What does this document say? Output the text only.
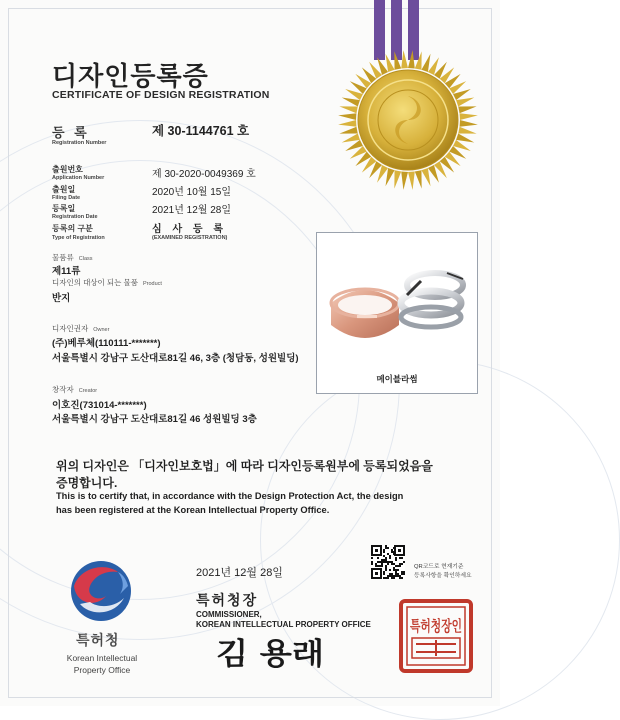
디자인등록증
CERTIFICATE OF DESIGN REGISTRATION
등 록
Registration Number
제 30-1144761 호
출원번호
Application Number	제 30-2020-0049369 호
출원일
Filing Date	2020년 10월 15일
등록일
Registration Date
2021년 12월 28일
등록의 구분
Type of Registration
심 사 등 록
(EXAMINED REGISTRATION)
물품류 Class
제11류
디자인의 대상이 되는 물품 Product
반지
디자인권자 Owner
(주)베루체(110111-*******)
서울특별시 강남구 도산대로81길 46, 3층 (청담동, 성원빌딩)
창작자 Creator
이호진(731014-*******)
서울특별시 강남구 도산대로81길 46 성원빌딩 3층
메이블라썸
위의 디자인은 「디자인보호법」에 따라 디자인등록원부에 등록되었음을
증명합니다.
This is to certify that, in accordance with the Design Protection Act, the design
has been registered at the Korean Intellectual Property Office.
특허청
Korean Intellectual
Property Office
2021년 12월 28일
특허청장
COMMISSIONER,
KOREAN INTELLECTUAL PROPERTY OFFICE
QR코드로 현재기준
등록사항을 확인하세요
특허청장인
김 용래
